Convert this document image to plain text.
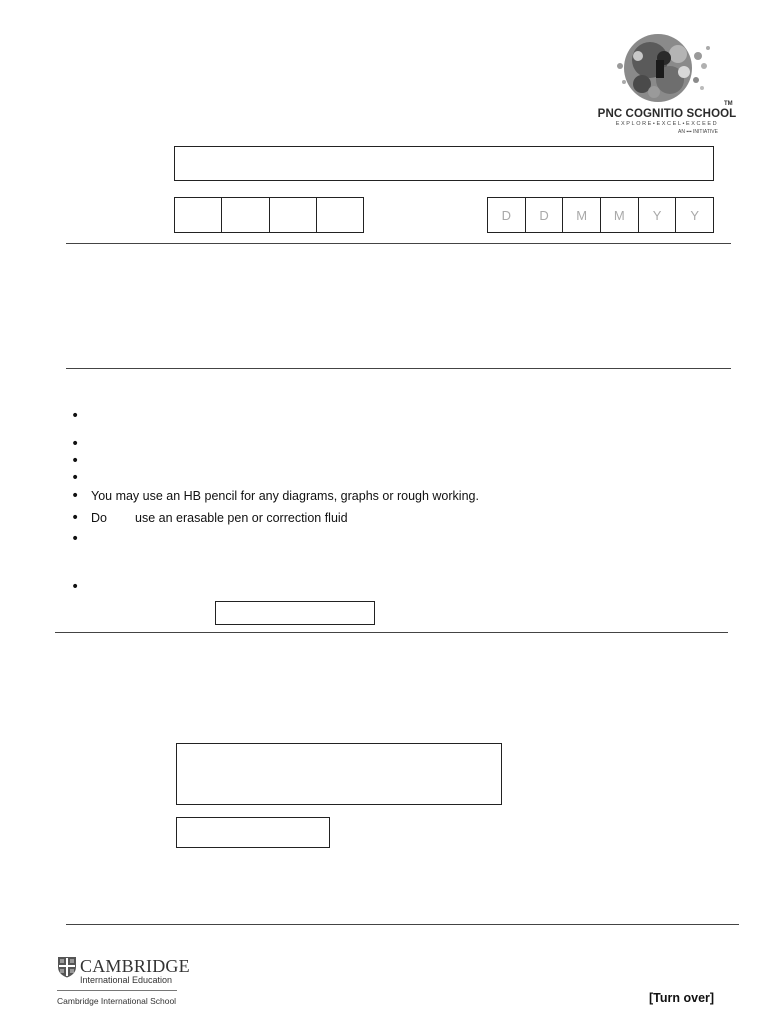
PNC COGNITIO SCHOOL
TM
EXPLORE•EXCEL•EXCEED
AN ▪▪▪ INITIATIVE
D	D	M	M	Y	Y
•
•
•
•
• You may use an HB pencil for any diagrams, graphs or rough working.
• Do use an erasable pen or correction fluid
•
•
CAMBRIDGE
International Education
Cambridge International School	[Turn over]
